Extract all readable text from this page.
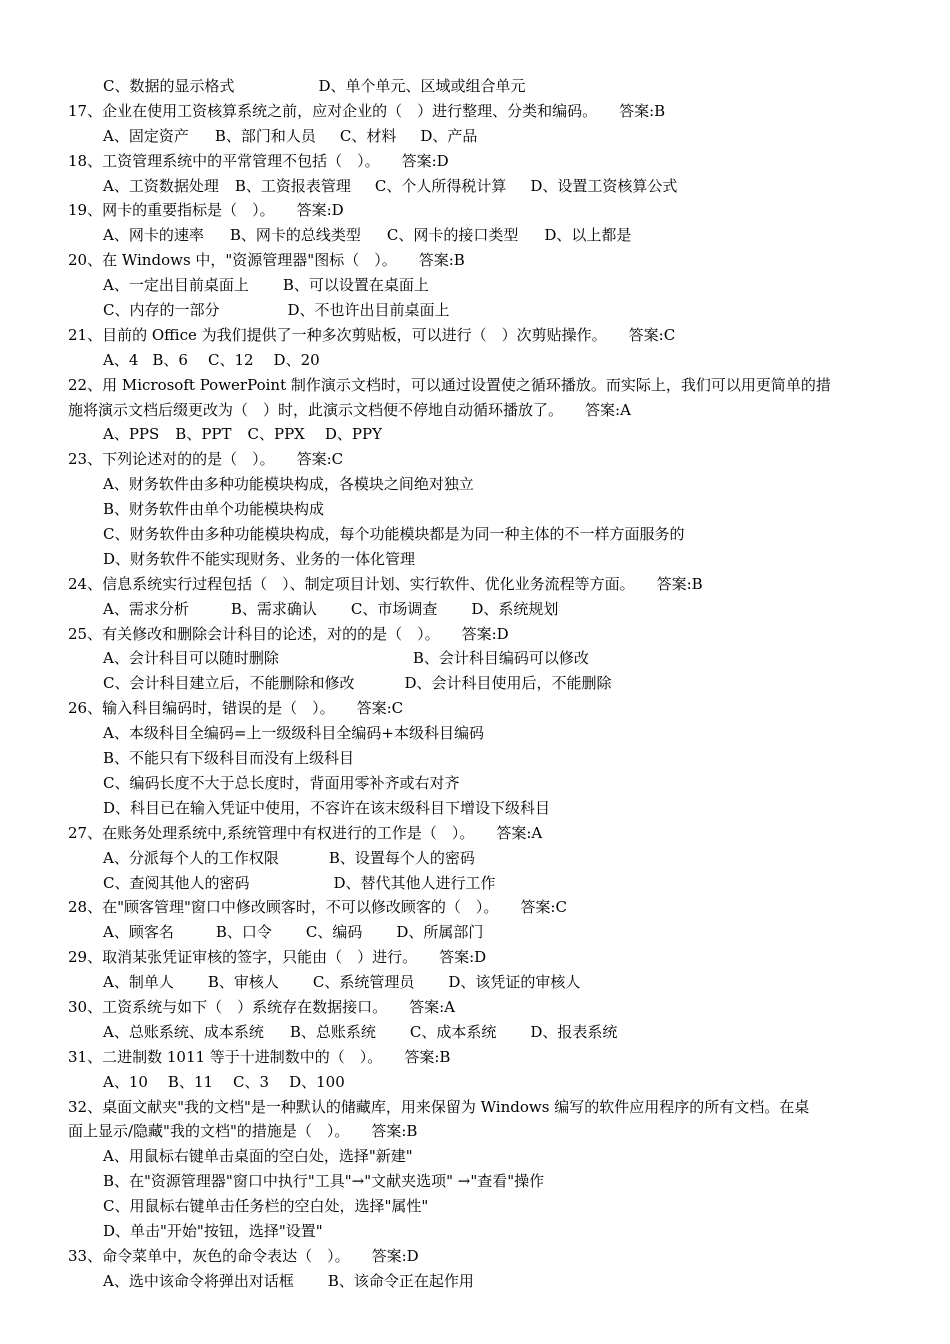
C、数据的显示格式	D、单个单元、区域或组合单元
17、企业在使用工资核算系统之前，应对企业的（　）进行整理、分类和编码。 答案:B
A、固定资产 B、部门和人员 C、材料 D、产品
18、工资管理系统中的平常管理不包括（　）。 答案:D
A、工资数据处理 B、工资报表管理 C、个人所得税计算 D、设置工资核算公式
19、网卡的重要指标是（　）。 答案:D
A、网卡的速率 B、网卡的总线类型 C、网卡的接口类型 D、以上都是
20、在 Windows 中，"资源管理器"图标（　）。 答案:B
A、一定出目前桌面上 B、可以设置在桌面上
C、内存的一部分	D、不也许出目前桌面上
21、目前的 Office 为我们提供了一种多次剪贴板，可以进行（　）次剪贴操作。 答案:C
A、4 B、6 C、12 D、20
22、用 Microsoft PowerPoint 制作演示文档时，可以通过设置使之循环播放。而实际上，我们可以用更简单的措
施将演示文档后缀更改为（　）时，此演示文档便不停地自动循环播放了。 答案:A
A、PPS B、PPT C、PPX D、PPY
23、下列论述对的的是（　）。 答案:C
A、财务软件由多种功能模块构成，各模块之间绝对独立
B、财务软件由单个功能模块构成
C、财务软件由多种功能模块构成，每个功能模块都是为同一种主体的不一样方面服务的
D、财务软件不能实现财务、业务的一体化管理
24、信息系统实行过程包括（　）、制定项目计划、实行软件、优化业务流程等方面。 答案:B
A、需求分析	B、需求确认 C、市场调查 D、系统规划
25、有关修改和删除会计科目的论述，对的的是（　）。 答案:D
A、会计科目可以随时删除	B、会计科目编码可以修改
C、会计科目建立后，不能删除和修改	D、会计科目使用后，不能删除
26、输入科目编码时，错误的是（　）。 答案:C
A、本级科目全编码=上一级级科目全编码+本级科目编码
B、不能只有下级科目而没有上级科目
C、编码长度不大于总长度时，背面用零补齐或右对齐
D、科目已在输入凭证中使用，不容许在该末级科目下增设下级科目
27、在账务处理系统中,系统管理中有权进行的工作是（　）。 答案:A
A、分派每个人的工作权限	B、设置每个人的密码
C、查阅其他人的密码	D、替代其他人进行工作
28、在"顾客管理"窗口中修改顾客时，不可以修改顾客的（　）。 答案:C
A、顾客名	B、口令 C、编码 D、所属部门
29、取消某张凭证审核的签字，只能由（　）进行。 答案:D
A、制单人 B、审核人 C、系统管理员 D、该凭证的审核人
30、工资系统与如下（　）系统存在数据接口。 答案:A
A、总账系统、成本系统 B、总账系统 C、成本系统 D、报表系统
31、二进制数 1011 等于十进制数中的（　）。 答案:B
A、10 B、11 C、3 D、100
32、桌面文献夹"我的文档"是一种默认的储藏库，用来保留为 Windows 编写的软件应用程序的所有文档。在桌
面上显示/隐藏"我的文档"的措施是（　）。 答案:B
A、用鼠标右键单击桌面的空白处，选择"新建"
B、在"资源管理器"窗口中执行"工具"→"文献夹选项" →"查看"操作
C、用鼠标右键单击任务栏的空白处，选择"属性"
D、单击"开始"按钮，选择"设置"
33、命令菜单中，灰色的命令表达（　）。 答案:D
A、选中该命令将弹出对话框 B、该命令正在起作用
